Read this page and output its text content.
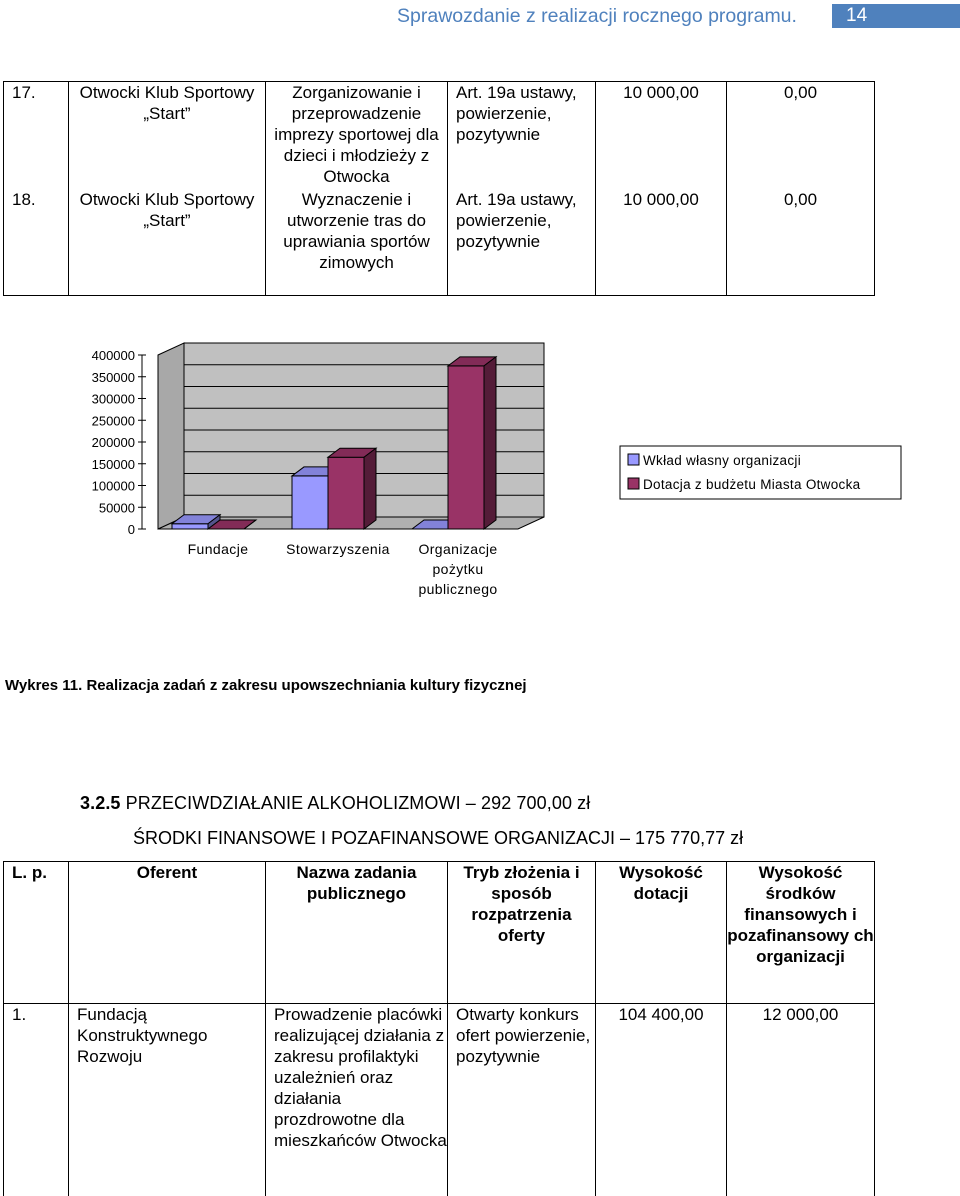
Sprawozdanie z realizacji rocznego programu.	14
17.	Otwocki Klub Sportowy „Start”	Zorganizowanie i przeprowadzenie imprezy sportowej dla dzieci i młodzieży z Otwocka	Art. 19a ustawy, powierzenie, pozytywnie	10 000,00	0,00
18.	Otwocki Klub Sportowy „Start”	Wyznaczenie i utworzenie tras do uprawiania sportów zimowych	Art. 19a ustawy, powierzenie, pozytywnie	10 000,00	0,00
400000
350000
300000
250000
200000
150000
100000
50000
0
Fundacje	Stowarzyszenia Organizacje
pożytku
publicznego
Wkład własny organizacji
Dotacja z budżetu Miasta Otwocka
Wykres 11. Realizacja zadań z zakresu upowszechniania kultury fizycznej
3.2.5 PRZECIWDZIAŁANIE ALKOHOLIZMOWI – 292 700,00 zł
ŚRODKI FINANSOWE I POZAFINANSOWE ORGANIZACJI – 175 770,77 zł
L. p.	Oferent	Nazwa zadania publicznego	Tryb złożenia i sposób rozpatrzenia oferty	Wysokość dotacji	Wysokość środków finansowych i pozafinansowy ch organizacji
1.	Fundacją Konstruktywnego Rozwoju	Prowadzenie placówki realizującej działania z zakresu profilaktyki uzależnień oraz działania prozdrowotne dla mieszkańców Otwocka	Otwarty konkurs ofert powierzenie, pozytywnie	104 400,00	12 000,00
